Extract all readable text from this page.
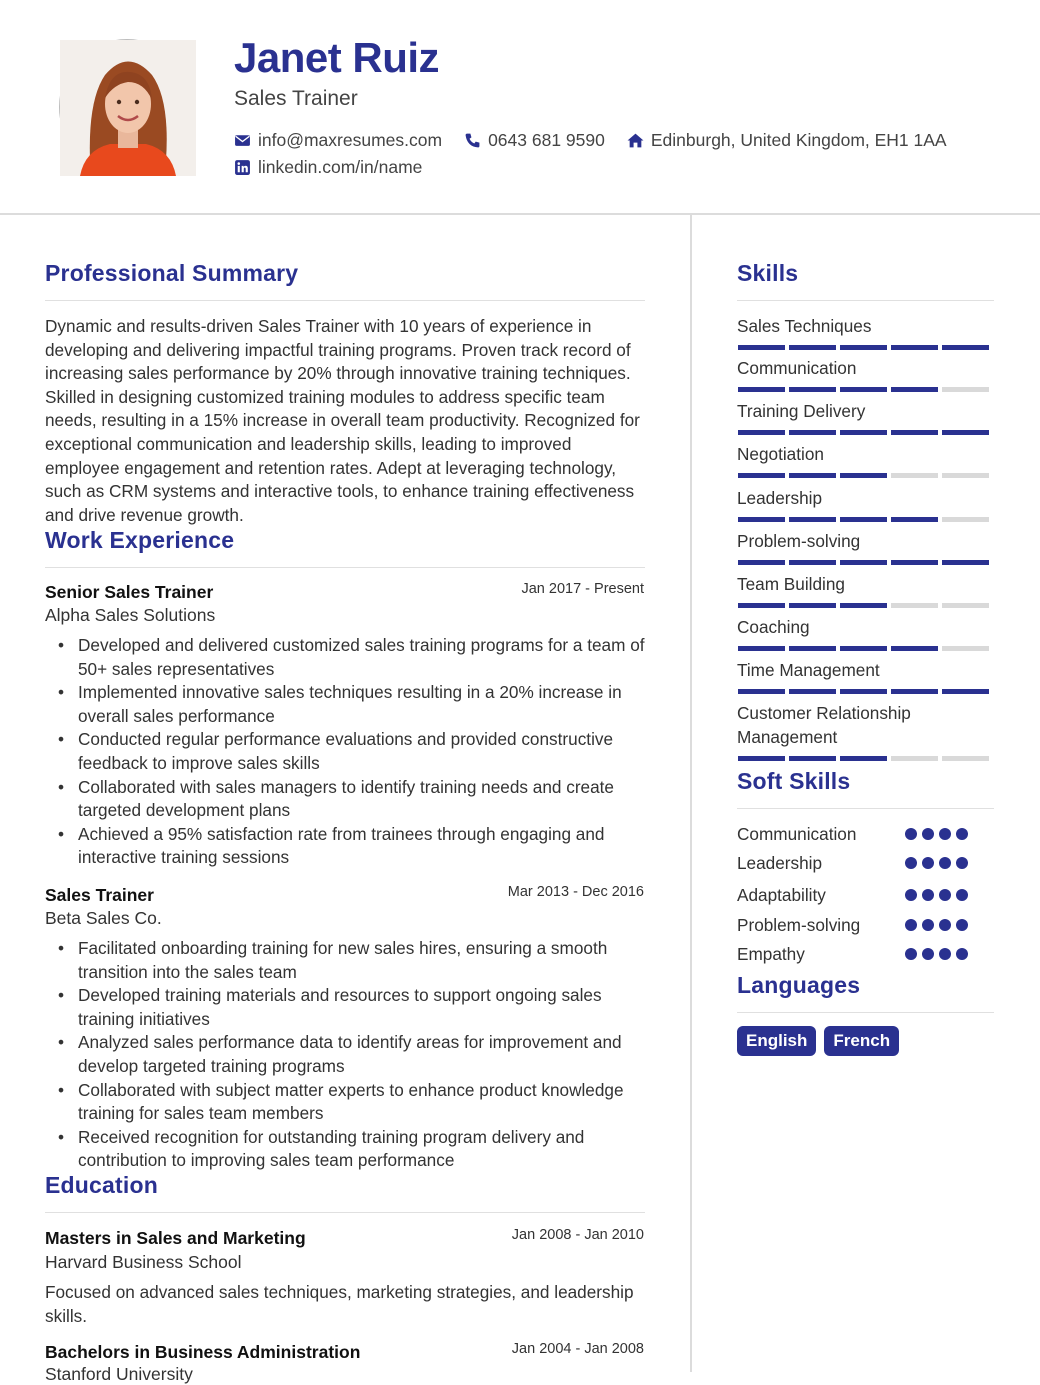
Janet Ruiz
Sales Trainer
info@maxresumes.com	0643 681 9590	Edinburgh, United Kingdom, EH1 1AA
linkedin.com/in/name
Professional Summary
Dynamic and results-driven Sales Trainer with 10 years of experience in developing and delivering impactful training programs. Proven track record of increasing sales performance by 20% through innovative training techniques. Skilled in designing customized training modules to address specific team needs, resulting in a 15% increase in overall team productivity. Recognized for exceptional communication and leadership skills, leading to improved employee engagement and retention rates. Adept at leveraging technology, such as CRM systems and interactive tools, to enhance training effectiveness and drive revenue growth.
Work Experience
Senior Sales Trainer	Jan 2017 - Present
Alpha Sales Solutions
• Developed and delivered customized sales training programs for a team of 50+ sales representatives
• Implemented innovative sales techniques resulting in a 20% increase in overall sales performance
• Conducted regular performance evaluations and provided constructive feedback to improve sales skills
• Collaborated with sales managers to identify training needs and create targeted development plans
• Achieved a 95% satisfaction rate from trainees through engaging and interactive training sessions
Sales Trainer	Mar 2013 - Dec 2016
Beta Sales Co.
• Facilitated onboarding training for new sales hires, ensuring a smooth transition into the sales team
• Developed training materials and resources to support ongoing sales training initiatives
• Analyzed sales performance data to identify areas for improvement and develop targeted training programs
• Collaborated with subject matter experts to enhance product knowledge training for sales team members
• Received recognition for outstanding training program delivery and contribution to improving sales team performance
Education
Masters in Sales and Marketing	Jan 2008 - Jan 2010
Harvard Business School
Focused on advanced sales techniques, marketing strategies, and leadership skills.
Bachelors in Business Administration	Jan 2004 - Jan 2008
Stanford University
Skills
Sales Techniques
Communication
Training Delivery
Negotiation
Leadership
Problem-solving
Team Building
Coaching
Time Management
Customer Relationship Management
Soft Skills
Communication
Leadership
Adaptability
Problem-solving
Empathy
Languages
English	French
